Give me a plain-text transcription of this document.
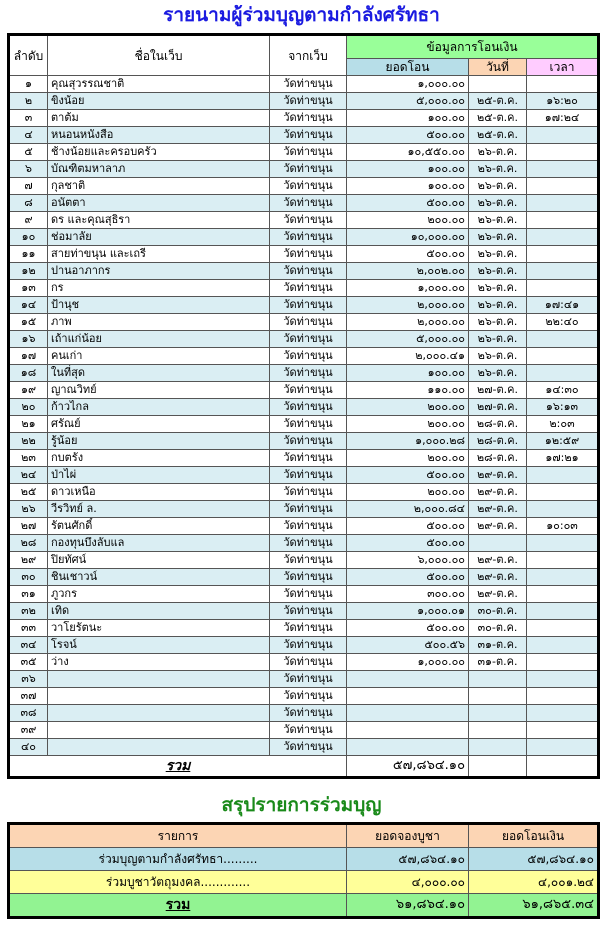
รายนามผู้ร่วมบุญตามกำลังศรัทธา
ลำดับ	ชื่อในเว็บ	จากเว็บ	ข้อมูลการโอนเงิน		
			ยอดโอน	วันที่	เวลา
๑	คุณสุวรรณชาติ	วัดท่าขนุน	๑,๐๐๐.๐๐		
๒	ขิงน้อย	วัดท่าขนุน	๕,๐๐๐.๐๐	๒๕-ต.ค.	๑๖:๒๐
๓	ตาต้ม	วัดท่าขนุน	๑๐๐.๐๐	๒๕-ต.ค.	๑๗:๒๔
๔	หนอนหนังสือ	วัดท่าขนุน	๕๐๐.๐๐	๒๕-ต.ค.	
๕	ช้างน้อยและครอบครัว	วัดท่าขนุน	๑๐,๕๕๐.๐๐	๒๖-ต.ค.	
๖	บัณฑิตมหาลาภ	วัดท่าขนุน	๑๐๐.๐๐	๒๖-ต.ค.	
๗	กุลชาติ	วัดท่าขนุน	๑๐๐.๐๐	๒๖-ต.ค.	
๘	อนัตตา	วัดท่าขนุน	๕๐๐.๐๐	๒๖-ต.ค.	
๙	ดร และคุณสุธิรา	วัดท่าขนุน	๒๐๐.๐๐	๒๖-ต.ค.	
๑๐	ช่อมาลัย	วัดท่าขนุน	๑๐,๐๐๐.๐๐	๒๖-ต.ค.	
๑๑	สายท่าขนุน และเถรี	วัดท่าขนุน	๕๐๐.๐๐	๒๖-ต.ค.	
๑๒	ปานอาภากร	วัดท่าขนุน	๒,๐๐๒.๐๐	๒๖-ต.ค.	
๑๓	กร	วัดท่าขนุน	๑,๐๐๐.๐๐	๒๖-ต.ค.	
๑๔	ป้านุช	วัดท่าขนุน	๒,๐๐๐.๐๐	๒๖-ต.ค.	๑๗:๔๑
๑๕	ภาพ	วัดท่าขนุน	๒,๐๐๐.๐๐	๒๖-ต.ค.	๒๒:๔๐
๑๖	เถ้าแก่น้อย	วัดท่าขนุน	๕,๐๐๐.๐๐	๒๖-ต.ค.	
๑๗	คนเก่า	วัดท่าขนุน	๒,๐๐๐.๔๑	๒๖-ต.ค.	
๑๘	ในที่สุด	วัดท่าขนุน	๑๐๐.๐๐	๒๖-ต.ค.	
๑๙	ญาณวิทย์	วัดท่าขนุน	๑๑๐.๐๐	๒๗-ต.ค.	๑๔:๓๐
๒๐	ก้าวไกล	วัดท่าขนุน	๒๐๐.๐๐	๒๗-ต.ค.	๑๖:๑๓
๒๑	ศรัณย์	วัดท่าขนุน	๒๐๐.๐๐	๒๘-ต.ค.	๒:๐๓
๒๒	รู้น้อย	วัดท่าขนุน	๑,๐๐๐.๒๘	๒๘-ต.ค.	๑๒:๕๙
๒๓	กบตรัง	วัดท่าขนุน	๒๐๐.๐๐	๒๘-ต.ค.	๑๗:๒๑
๒๔	ป่าไผ่	วัดท่าขนุน	๕๐๐.๐๐	๒๙-ต.ค.	
๒๕	ดาวเหนือ	วัดท่าขนุน	๒๐๐.๐๐	๒๙-ต.ค.	
๒๖	วีรวิทย์ ล.	วัดท่าขนุน	๒,๐๐๐.๘๔	๒๙-ต.ค.	
๒๗	รัตนศักดิ์	วัดท่าขนุน	๕๐๐.๐๐	๒๙-ต.ค.	๑๐:๐๓
๒๘	กองทุนบึงลับแล	วัดท่าขนุน	๕๐๐.๐๐		
๒๙	ปิยทัศน์	วัดท่าขนุน	๖,๐๐๐.๐๐	๒๙-ต.ค.	
๓๐	ชินเชาวน์	วัดท่าขนุน	๕๐๐.๐๐	๒๙-ต.ค.	
๓๑	ภูวกร	วัดท่าขนุน	๓๐๐.๐๐	๒๙-ต.ค.	
๓๒	เทิด	วัดท่าขนุน	๑,๐๐๐.๐๑	๓๐-ต.ค.	
๓๓	วาโยรัตนะ	วัดท่าขนุน	๕๐๐.๐๐	๓๐-ต.ค.	
๓๔	โรจน์	วัดท่าขนุน	๕๐๐.๕๖	๓๑-ต.ค.	
๓๕	ว่าง	วัดท่าขนุน	๑,๐๐๐.๐๐	๓๑-ต.ค.	
๓๖		วัดท่าขนุน			
๓๗		วัดท่าขนุน			
๓๘		วัดท่าขนุน			
๓๙		วัดท่าขนุน			
๔๐		วัดท่าขนุน			
รวม			๕๗,๘๖๔.๑๐		
สรุปรายการร่วมบุญ
รายการ	ยอดจองบูชา	ยอดโอนเงิน
ร่วมบุญตามกำลังศรัทธา.........	๕๗,๘๖๔.๑๐	๕๗,๘๖๔.๑๐
ร่วมบูชาวัตถุมงคล.............	๔,๐๐๐.๐๐	๔,๐๐๑.๒๔
รวม	๖๑,๘๖๔.๑๐	๖๑,๘๖๕.๓๔
